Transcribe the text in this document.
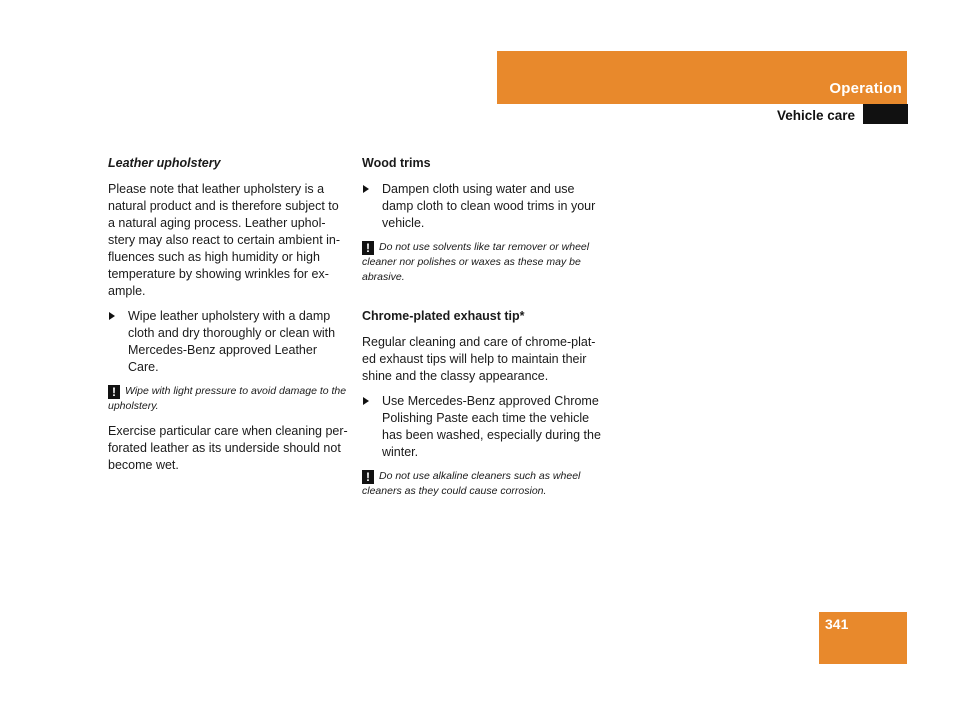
Operation
Vehicle care
Leather upholstery

Please note that leather upholstery is a natural product and is therefore subject to a natural aging process. Leather uphol-stery may also react to certain ambient in-fluences such as high humidity or high temperature by showing wrinkles for ex-ample.

Wipe leather upholstery with a damp cloth and dry thoroughly or clean with Mercedes-Benz approved Leather Care.
! Wipe with light pressure to avoid damage to the upholstery.

Exercise particular care when cleaning per-forated leather as its underside should not become wet.

Wood trims
Dampen cloth using water and use damp cloth to clean wood trims in your vehicle.
! Do not use solvents like tar remover or wheel cleaner nor polishes or waxes as these may be abrasive.
Chrome-plated exhaust tip*

Regular cleaning and care of chrome-plat-ed exhaust tips will help to maintain their shine and the classy appearance.

Use Mercedes-Benz approved Chrome Polishing Paste each time the vehicle has been washed, especially during the winter.
! Do not use alkaline cleaners such as wheel cleaners as they could cause corrosion.
341
